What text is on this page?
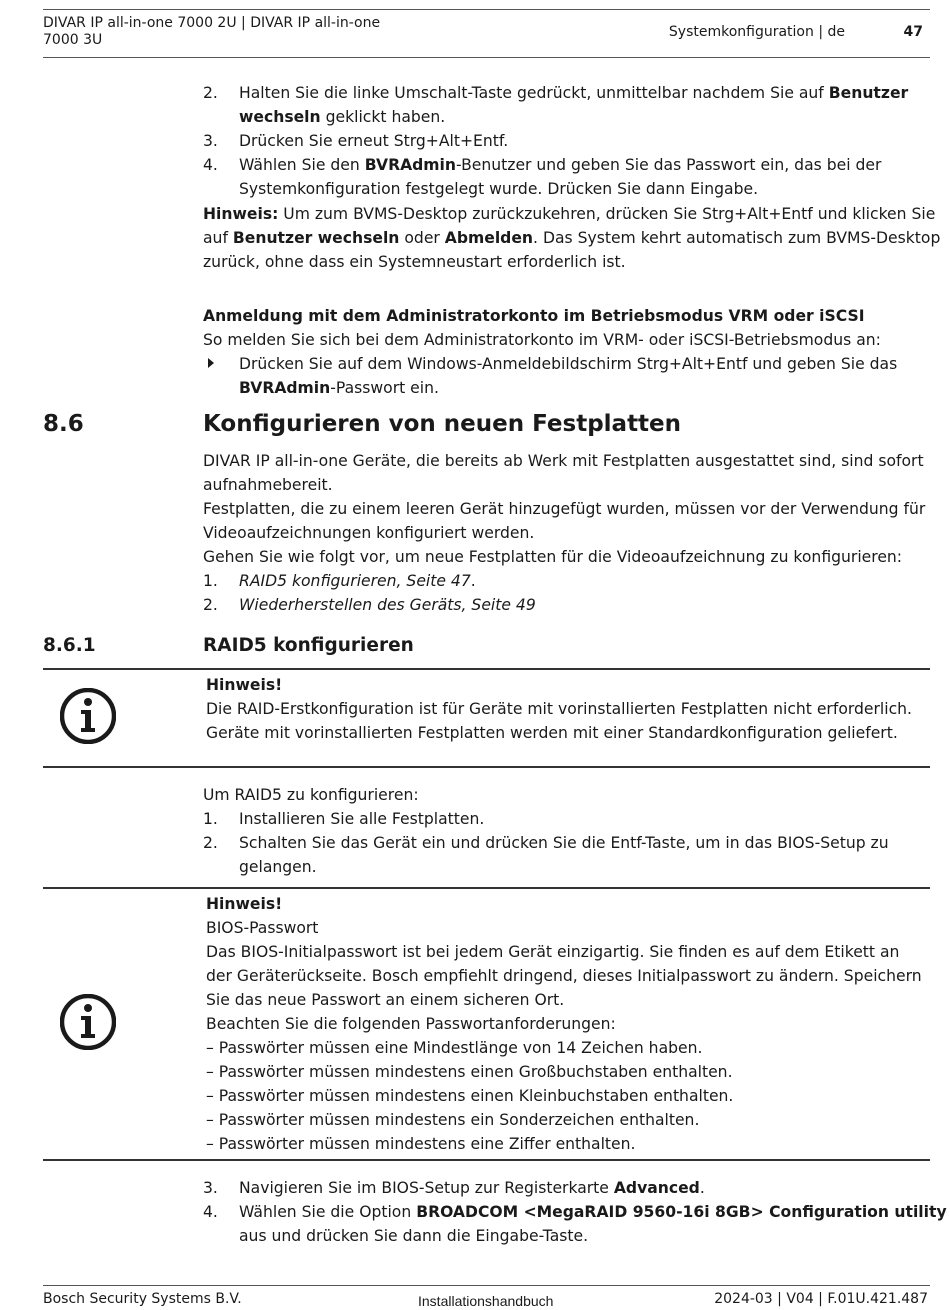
DIVAR IP all-in-one 7000 2U | DIVAR IP all-in-one
7000 3U	Systemkonfiguration | de	47
2. Halten Sie die linke Umschalt-Taste gedrückt, unmittelbar nachdem Sie auf Benutzer
wechseln geklickt haben.
3. Drücken Sie erneut Strg+Alt+Entf.
4. Wählen Sie den BVRAdmin-Benutzer und geben Sie das Passwort ein, das bei der
Systemkonfiguration festgelegt wurde. Drücken Sie dann Eingabe.
Hinweis: Um zum BVMS-Desktop zurückzukehren, drücken Sie Strg+Alt+Entf und klicken Sie
auf Benutzer wechseln oder Abmelden. Das System kehrt automatisch zum BVMS-Desktop
zurück, ohne dass ein Systemneustart erforderlich ist.
Anmeldung mit dem Administratorkonto im Betriebsmodus VRM oder iSCSI
So melden Sie sich bei dem Administratorkonto im VRM- oder iSCSI-Betriebsmodus an:
Drücken Sie auf dem Windows-Anmeldebildschirm Strg+Alt+Entf und geben Sie das
BVRAdmin-Passwort ein.
8.6	Konfigurieren von neuen Festplatten
DIVAR IP all-in-one Geräte, die bereits ab Werk mit Festplatten ausgestattet sind, sind sofort
aufnahmebereit.
Festplatten, die zu einem leeren Gerät hinzugefügt wurden, müssen vor der Verwendung für
Videoaufzeichnungen konfiguriert werden.
Gehen Sie wie folgt vor, um neue Festplatten für die Videoaufzeichnung zu konfigurieren:
1. RAID5 konfigurieren, Seite 47.
2. Wiederherstellen des Geräts, Seite 49
8.6.1	RAID5 konfigurieren
Hinweis!
Die RAID-Erstkonfiguration ist für Geräte mit vorinstallierten Festplatten nicht erforderlich.
Geräte mit vorinstallierten Festplatten werden mit einer Standardkonfiguration geliefert.
Um RAID5 zu konfigurieren:
1. Installieren Sie alle Festplatten.
2. Schalten Sie das Gerät ein und drücken Sie die Entf-Taste, um in das BIOS-Setup zu
gelangen.
Hinweis!
BIOS-Passwort
Das BIOS-Initialpasswort ist bei jedem Gerät einzigartig. Sie finden es auf dem Etikett an
der Geräterückseite. Bosch empfiehlt dringend, dieses Initialpasswort zu ändern. Speichern
Sie das neue Passwort an einem sicheren Ort.
Beachten Sie die folgenden Passwortanforderungen:
– Passwörter müssen eine Mindestlänge von 14 Zeichen haben.
– Passwörter müssen mindestens einen Großbuchstaben enthalten.
– Passwörter müssen mindestens einen Kleinbuchstaben enthalten.
– Passwörter müssen mindestens ein Sonderzeichen enthalten.
– Passwörter müssen mindestens eine Ziffer enthalten.
3. Navigieren Sie im BIOS-Setup zur Registerkarte Advanced.
4. Wählen Sie die Option BROADCOM <MegaRAID 9560-16i 8GB> Configuration utility
aus und drücken Sie dann die Eingabe-Taste.
Bosch Security Systems B.V.	Installationshandbuch	2024-03 | V04 | F.01U.421.487
